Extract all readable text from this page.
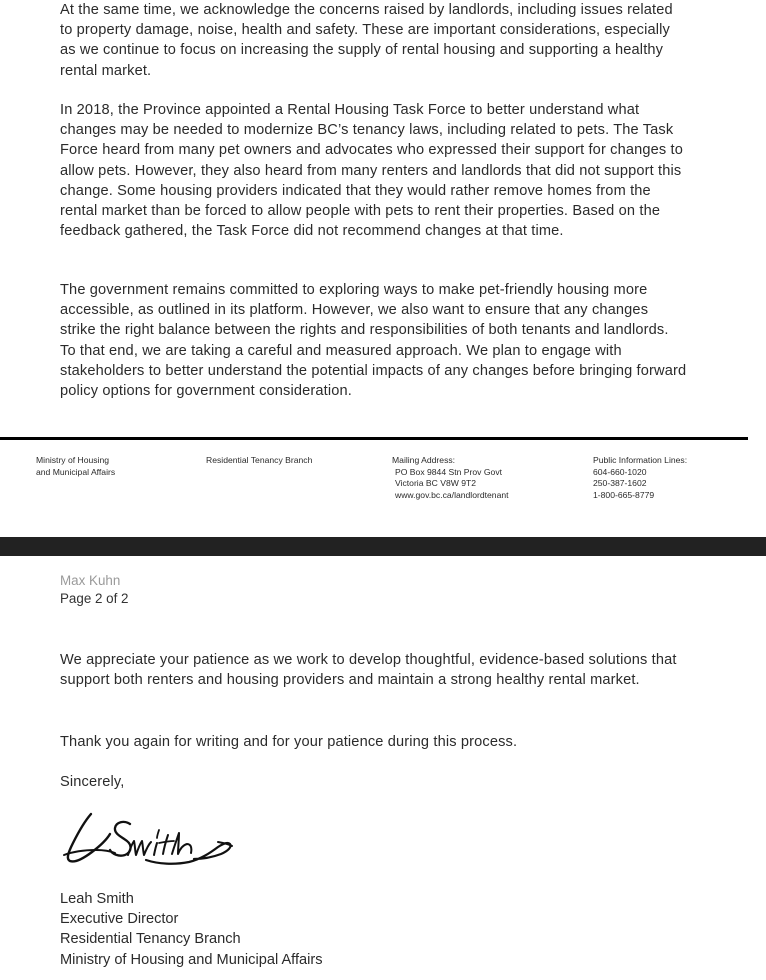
At the same time, we acknowledge the concerns raised by landlords, including issues related to property damage, noise, health and safety. These are important considerations, especially as we continue to focus on increasing the supply of rental housing and supporting a healthy rental market.

In 2018, the Province appointed a Rental Housing Task Force to better understand what changes may be needed to modernize BC’s tenancy laws, including related to pets. The Task Force heard from many pet owners and advocates who expressed their support for changes to allow pets. However, they also heard from many renters and landlords that did not support this change. Some housing providers indicated that they would rather remove homes from the rental market than be forced to allow people with pets to rent their properties. Based on the feedback gathered, the Task Force did not recommend changes at that time.

The government remains committed to exploring ways to make pet-friendly housing more accessible, as outlined in its platform. However, we also want to ensure that any changes strike the right balance between the rights and responsibilities of both tenants and landlords. To that end, we are taking a careful and measured approach. We plan to engage with stakeholders to better understand the potential impacts of any changes before bringing forward policy options for government consideration.

Ministry of Housing
and Municipal Affairs
Residential Tenancy Branch	Mailing Address:
PO Box 9844 Stn Prov Govt
Victoria BC V8W 9T2
www.gov.bc.ca/landlordtenant
Public Information Lines:
604-660-1020
250-387-1602
1-800-665-8779
Max Kuhn
Page 2 of 2

We appreciate your patience as we work to develop thoughtful, evidence-based solutions that support both renters and housing providers and maintain a strong healthy rental market.

Thank you again for writing and for your patience during this process.

Sincerely,

Leah Smith
Executive Director
Residential Tenancy Branch
Ministry of Housing and Municipal Affairs
